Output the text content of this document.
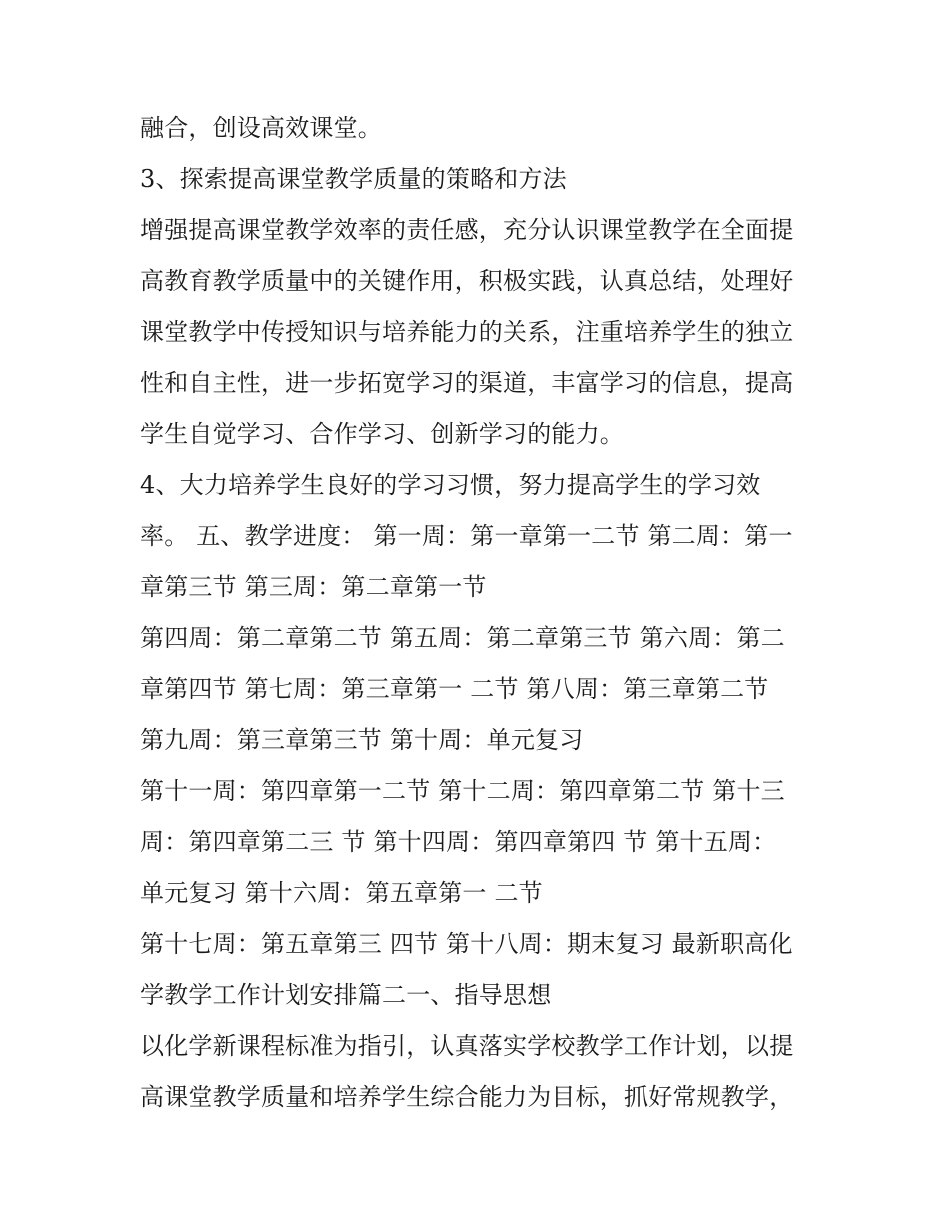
融合，创设高效课堂。
3、探索提高课堂教学质量的策略和方法
增强提高课堂教学效率的责任感，充分认识课堂教学在全面提
高教育教学质量中的关键作用，积极实践，认真总结，处理好
课堂教学中传授知识与培养能力的关系，注重培养学生的独立
性和自主性，进一步拓宽学习的渠道，丰富学习的信息，提高
学生自觉学习、合作学习、创新学习的能力。
4、大力培养学生良好的学习习惯，努力提高学生的学习效
率。 五、教学进度： 第一周：第一章第一二节 第二周：第一
章第三节 第三周：第二章第一节
第四周：第二章第二节 第五周：第二章第三节 第六周：第二
章第四节 第七周：第三章第一 二节 第八周：第三章第二节
第九周：第三章第三节 第十周：单元复习
第十一周：第四章第一二节 第十二周：第四章第二节 第十三
周：第四章第二三 节 第十四周：第四章第四 节 第十五周：
单元复习 第十六周：第五章第一 二节
第十七周：第五章第三 四节 第十八周：期末复习 最新职高化
学教学工作计划安排篇二一、指导思想
以化学新课程标准为指引，认真落实学校教学工作计划，以提
高课堂教学质量和培养学生综合能力为目标，抓好常规教学，
